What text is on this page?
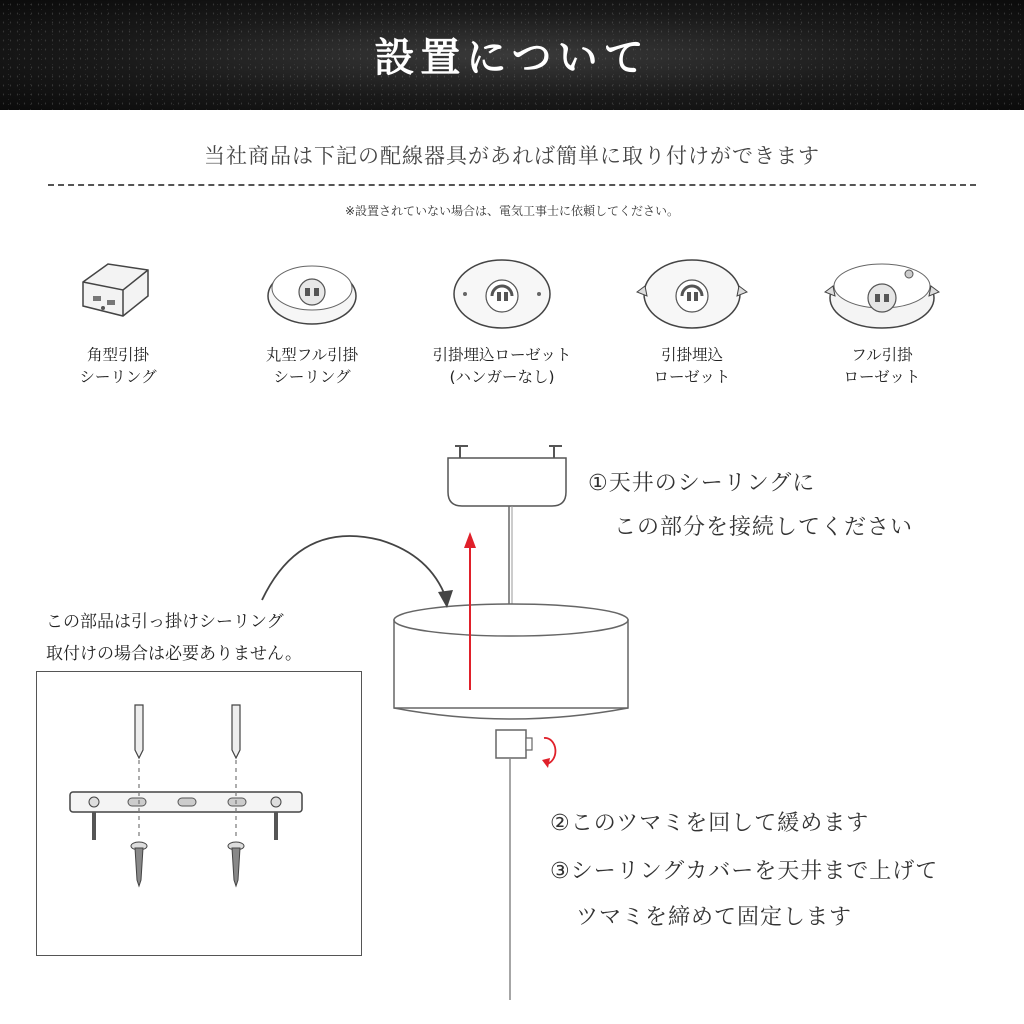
設置について
当社商品は下記の配線器具があれば簡単に取り付けができます
※設置されていない場合は、電気工事士に依頼してください。
角型引掛
シーリング
丸型フル引掛
シーリング
引掛埋込ローゼット
(ハンガーなし)
引掛埋込
ローゼット
フル引掛
ローゼット
①天井のシーリングに
この部分を接続してください
②このツマミを回して緩めます
③シーリングカバーを天井まで上げて
ツマミを締めて固定します
この部品は引っ掛けシーリング
取付けの場合は必要ありません。
